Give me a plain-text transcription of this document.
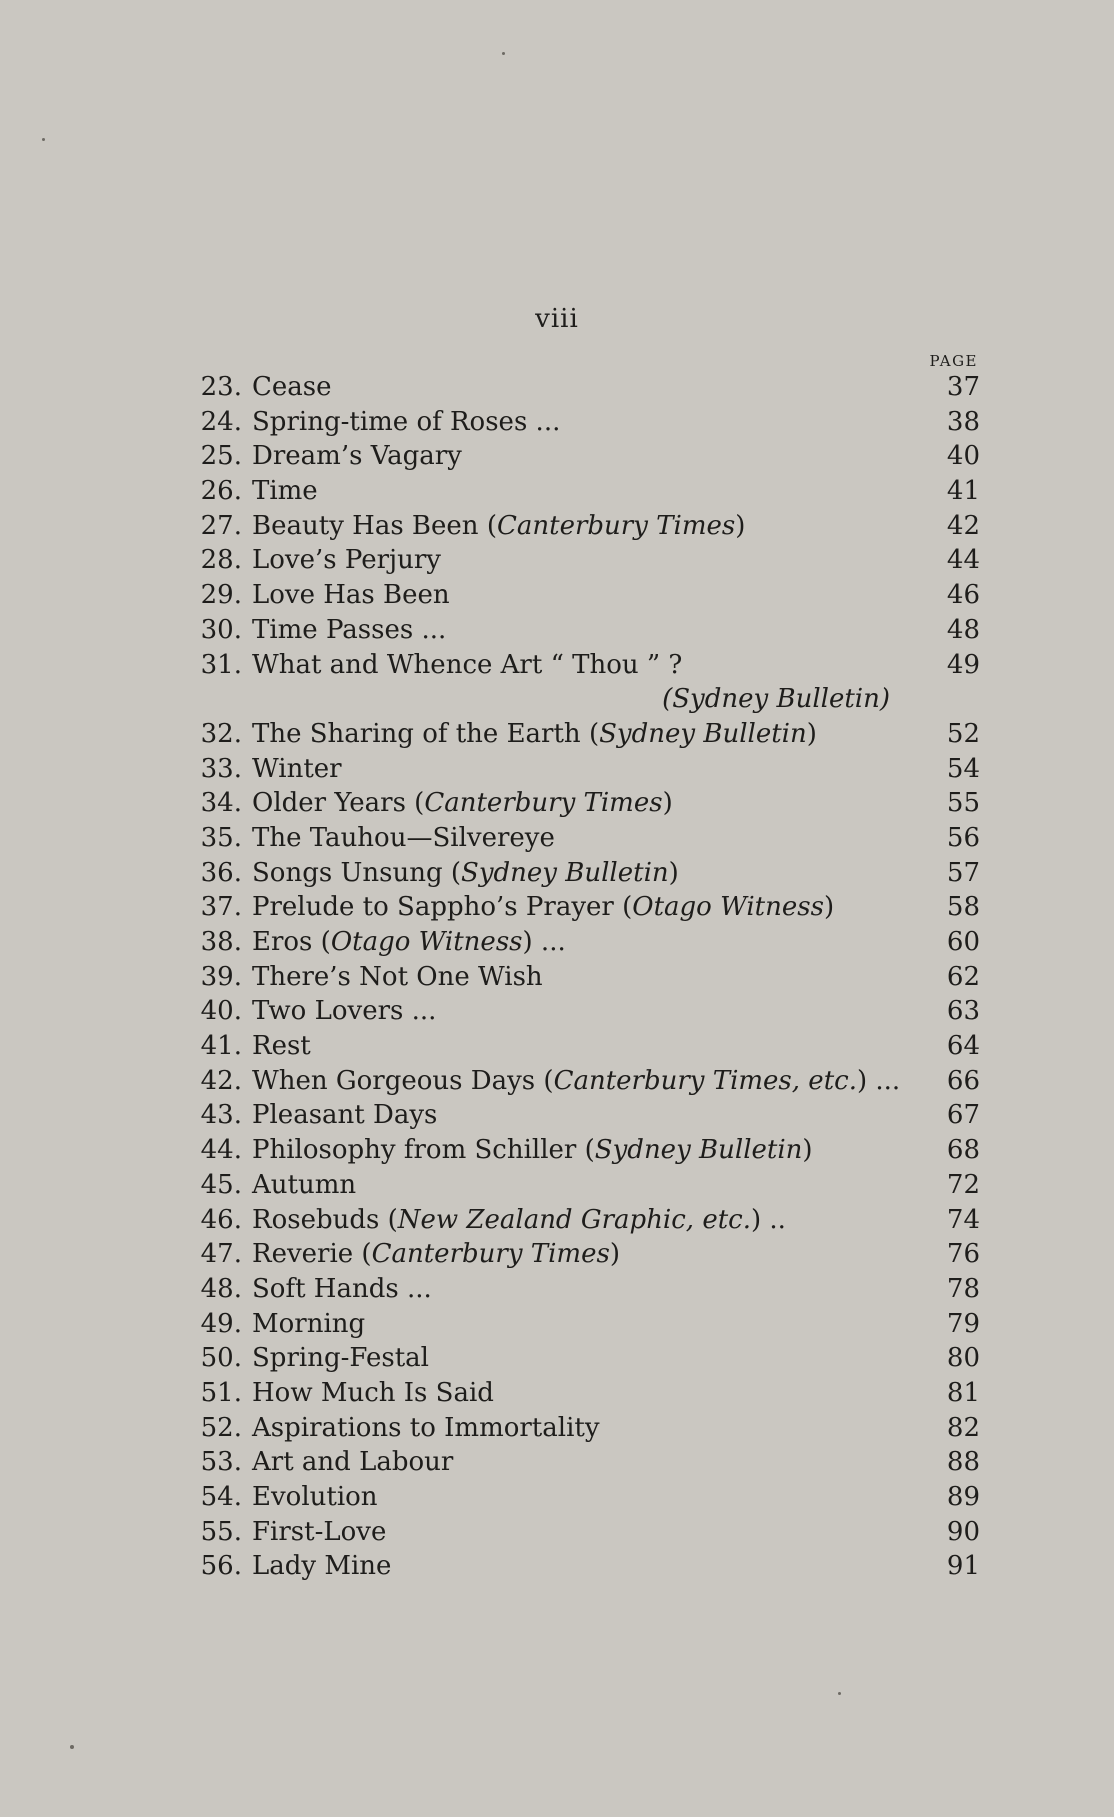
viii
PAGE
23. Cease	37
24. Spring-time of Roses ...	38
25. Dream’s Vagary	40
26. Time	41
27. Beauty Has Been (Canterbury Times)	42
28. Love’s Perjury	44
29. Love Has Been	46
30. Time Passes ...	48
31. What and Whence Art “ Thou ” ?	49
(Sydney Bulletin)
32. The Sharing of the Earth (Sydney Bulletin)	52
33. Winter	54
34. Older Years (Canterbury Times)	55
35. The Tauhou—Silvereye	56
36. Songs Unsung (Sydney Bulletin)	57
37. Prelude to Sappho’s Prayer (Otago Witness)	58
38. Eros (Otago Witness) ...	60
39. There’s Not One Wish	62
40. Two Lovers ...	63
41. Rest	64
42. When Gorgeous Days (Canterbury Times, etc.) ...	66
43. Pleasant Days	67
44. Philosophy from Schiller (Sydney Bulletin)	68
45. Autumn	72
46. Rosebuds (New Zealand Graphic, etc.) ..	74
47. Reverie (Canterbury Times)	76
48. Soft Hands ...	78
49. Morning	79
50. Spring-Festal	80
51. How Much Is Said	81
52. Aspirations to Immortality	82
53. Art and Labour	88
54. Evolution	89
55. First-Love	90
56. Lady Mine	91
